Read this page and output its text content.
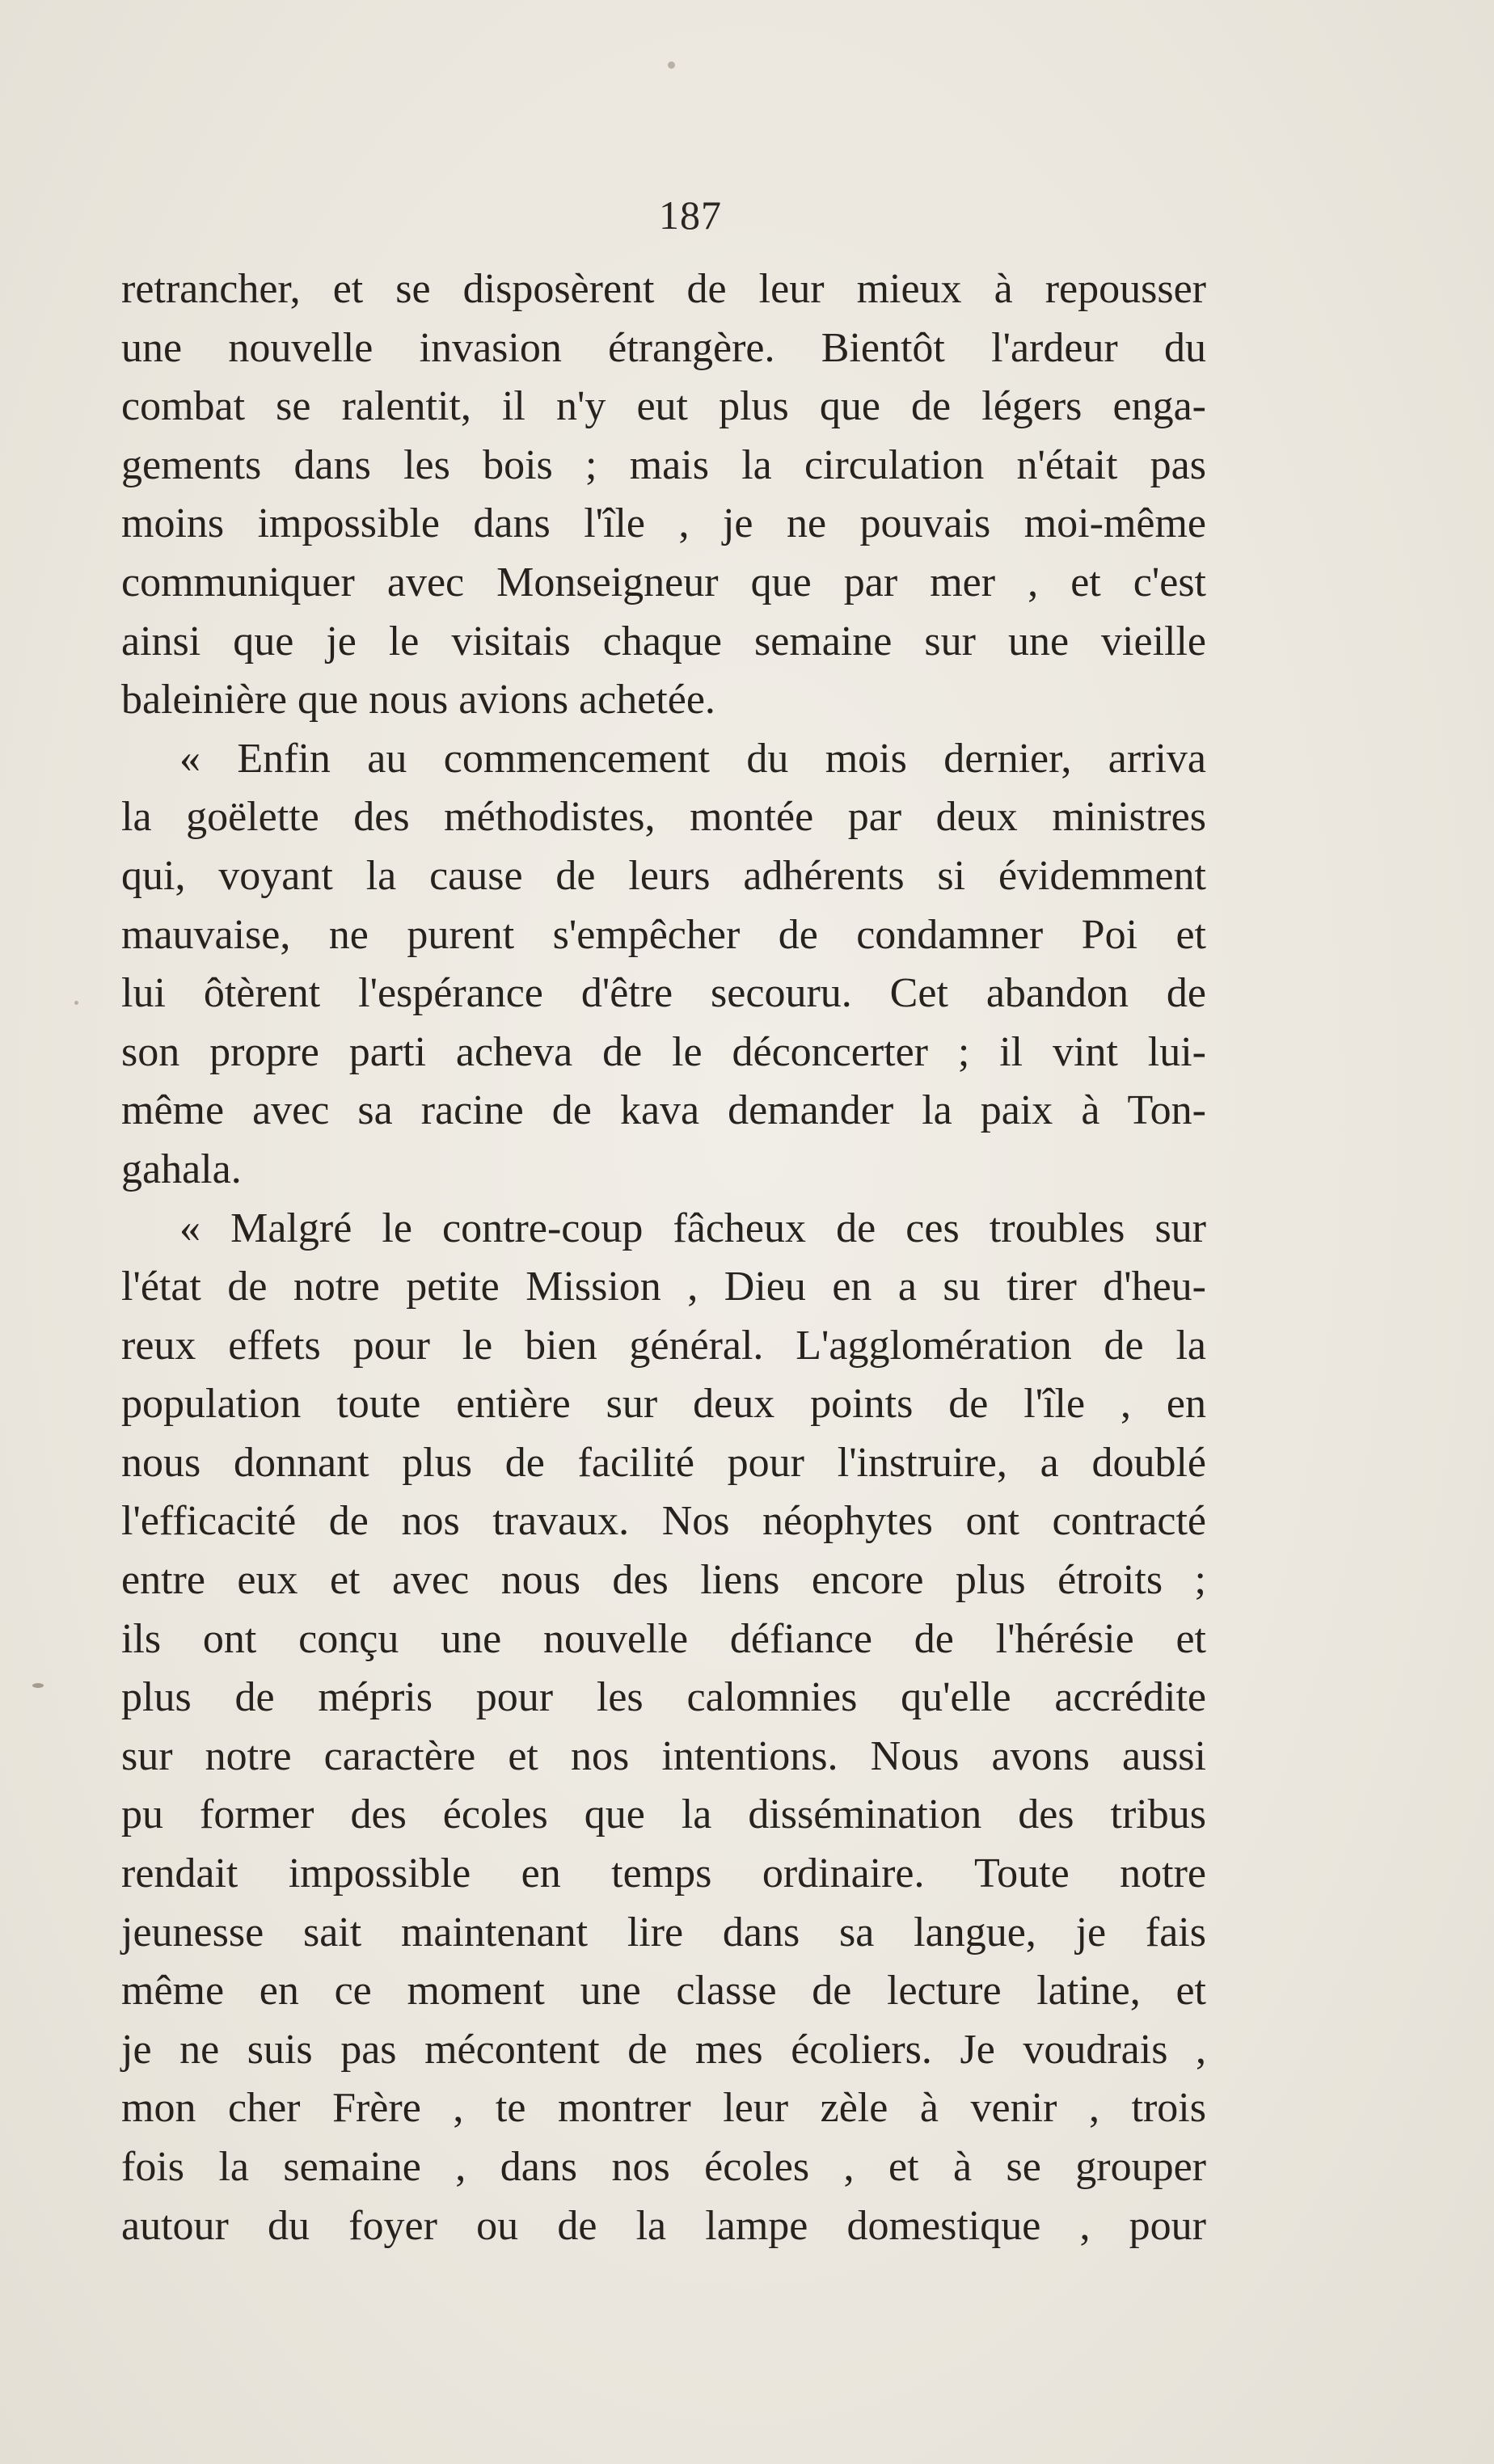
187
retrancher, et se disposèrent de leur mieux à repousser
une nouvelle invasion étrangère. Bientôt l'ardeur du
combat se ralentit, il n'y eut plus que de légers enga-
gements dans les bois ; mais la circulation n'était pas
moins impossible dans l'île , je ne pouvais moi-même
communiquer avec Monseigneur que par mer , et c'est
ainsi que je le visitais chaque semaine sur une vieille
baleinière que nous avions achetée.
« Enfin au commencement du mois dernier, arriva
la goëlette des méthodistes, montée par deux ministres
qui, voyant la cause de leurs adhérents si évidemment
mauvaise, ne purent s'empêcher de condamner Poi et
lui ôtèrent l'espérance d'être secouru. Cet abandon de
son propre parti acheva de le déconcerter ; il vint lui-
même avec sa racine de kava demander la paix à Ton-
gahala.
« Malgré le contre-coup fâcheux de ces troubles sur
l'état de notre petite Mission , Dieu en a su tirer d'heu-
reux effets pour le bien général. L'agglomération de la
population toute entière sur deux points de l'île , en
nous donnant plus de facilité pour l'instruire, a doublé
l'efficacité de nos travaux. Nos néophytes ont contracté
entre eux et avec nous des liens encore plus étroits ;
ils ont conçu une nouvelle défiance de l'hérésie et
plus de mépris pour les calomnies qu'elle accrédite
sur notre caractère et nos intentions. Nous avons aussi
pu former des écoles que la dissémination des tribus
rendait impossible en temps ordinaire. Toute notre
jeunesse sait maintenant lire dans sa langue, je fais
même en ce moment une classe de lecture latine, et
je ne suis pas mécontent de mes écoliers. Je voudrais ,
mon cher Frère , te montrer leur zèle à venir , trois
fois la semaine , dans nos écoles , et à se grouper
autour du foyer ou de la lampe domestique , pour
